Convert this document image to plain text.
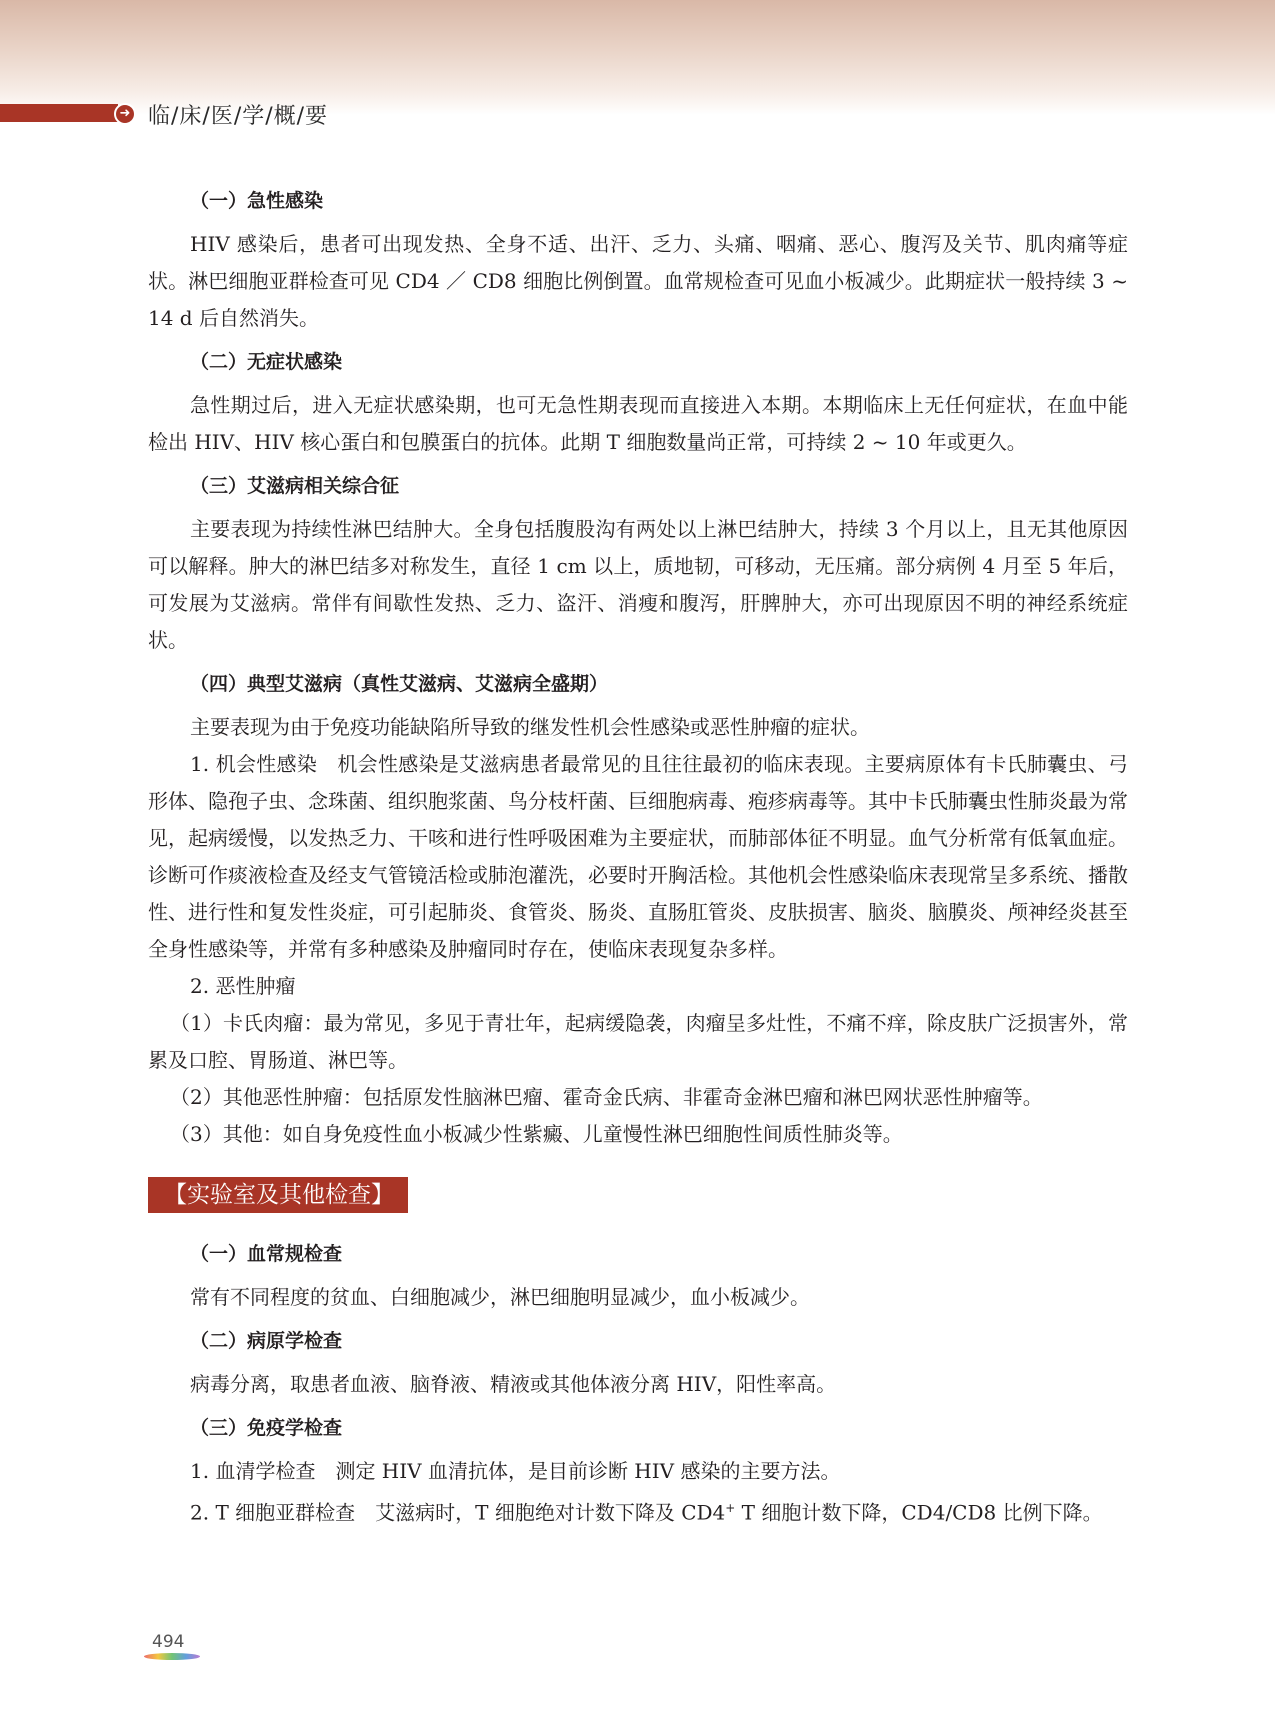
➜ 临/床/医/学/概/要
（一）急性感染

HIV 感染后，患者可出现发热、全身不适、出汗、乏力、头痛、咽痛、恶心、腹泻及关节、肌肉痛等症状。淋巴细胞亚群检查可见 CD4 ／ CD8 细胞比例倒置。血常规检查可见血小板减少。此期症状一般持续 3 ~ 14 d 后自然消失。

（二）无症状感染

急性期过后，进入无症状感染期，也可无急性期表现而直接进入本期。本期临床上无任何症状，在血中能检出 HIV、HIV 核心蛋白和包膜蛋白的抗体。此期 T 细胞数量尚正常，可持续 2 ~ 10 年或更久。

（三）艾滋病相关综合征

主要表现为持续性淋巴结肿大。全身包括腹股沟有两处以上淋巴结肿大，持续 3 个月以上，且无其他原因可以解释。肿大的淋巴结多对称发生，直径 1 cm 以上，质地韧，可移动，无压痛。部分病例 4 月至 5 年后，可发展为艾滋病。常伴有间歇性发热、乏力、盗汗、消瘦和腹泻，肝脾肿大，亦可出现原因不明的神经系统症状。

（四）典型艾滋病（真性艾滋病、艾滋病全盛期）

主要表现为由于免疫功能缺陷所导致的继发性机会性感染或恶性肿瘤的症状。

1. 机会性感染　机会性感染是艾滋病患者最常见的且往往最初的临床表现。主要病原体有卡氏肺囊虫、弓形体、隐孢子虫、念珠菌、组织胞浆菌、鸟分枝杆菌、巨细胞病毒、疱疹病毒等。其中卡氏肺囊虫性肺炎最为常见，起病缓慢，以发热乏力、干咳和进行性呼吸困难为主要症状，而肺部体征不明显。血气分析常有低氧血症。诊断可作痰液检查及经支气管镜活检或肺泡灌洗，必要时开胸活检。其他机会性感染临床表现常呈多系统、播散性、进行性和复发性炎症，可引起肺炎、食管炎、肠炎、直肠肛管炎、皮肤损害、脑炎、脑膜炎、颅神经炎甚至全身性感染等，并常有多种感染及肿瘤同时存在，使临床表现复杂多样。

2. 恶性肿瘤

（1）卡氏肉瘤：最为常见，多见于青壮年，起病缓隐袭，肉瘤呈多灶性，不痛不痒，除皮肤广泛损害外，常累及口腔、胃肠道、淋巴等。

（2）其他恶性肿瘤：包括原发性脑淋巴瘤、霍奇金氏病、非霍奇金淋巴瘤和淋巴网状恶性肿瘤等。

（3）其他：如自身免疫性血小板减少性紫癜、儿童慢性淋巴细胞性间质性肺炎等。

【实验室及其他检查】
（一）血常规检查

常有不同程度的贫血、白细胞减少，淋巴细胞明显减少，血小板减少。

（二）病原学检查

病毒分离，取患者血液、脑脊液、精液或其他体液分离 HIV，阳性率高。

（三）免疫学检查

1. 血清学检查　测定 HIV 血清抗体，是目前诊断 HIV 感染的主要方法。

2. T 细胞亚群检查　艾滋病时，T 细胞绝对计数下降及 CD4+ T 细胞计数下降，CD4/CD8 比例下降。

494
